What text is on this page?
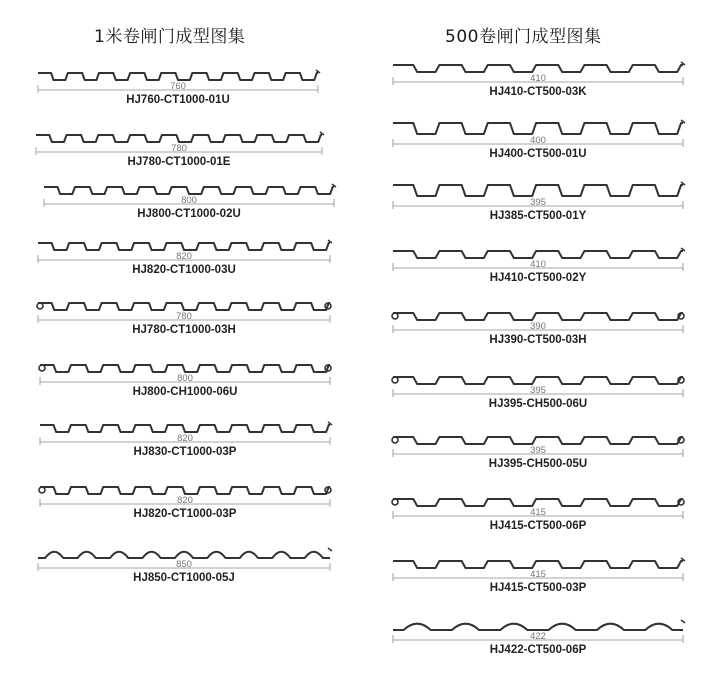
1米卷闸门成型图集	500卷闸门成型图集
760
HJ760-CT1000-01U
780
HJ780-CT1000-01E
800
HJ800-CT1000-02U
820
HJ820-CT1000-03U
780
HJ780-CT1000-03H
800
HJ800-CH1000-06U
820
HJ830-CT1000-03P
820
HJ820-CT1000-03P
850
HJ850-CT1000-05J
410
HJ410-CT500-03K
400
HJ400-CT500-01U
395
HJ385-CT500-01Y
410
HJ410-CT500-02Y
390
HJ390-CT500-03H
395
HJ395-CH500-06U
395
HJ395-CH500-05U
415
HJ415-CT500-06P
415
HJ415-CT500-03P
422
HJ422-CT500-06P
